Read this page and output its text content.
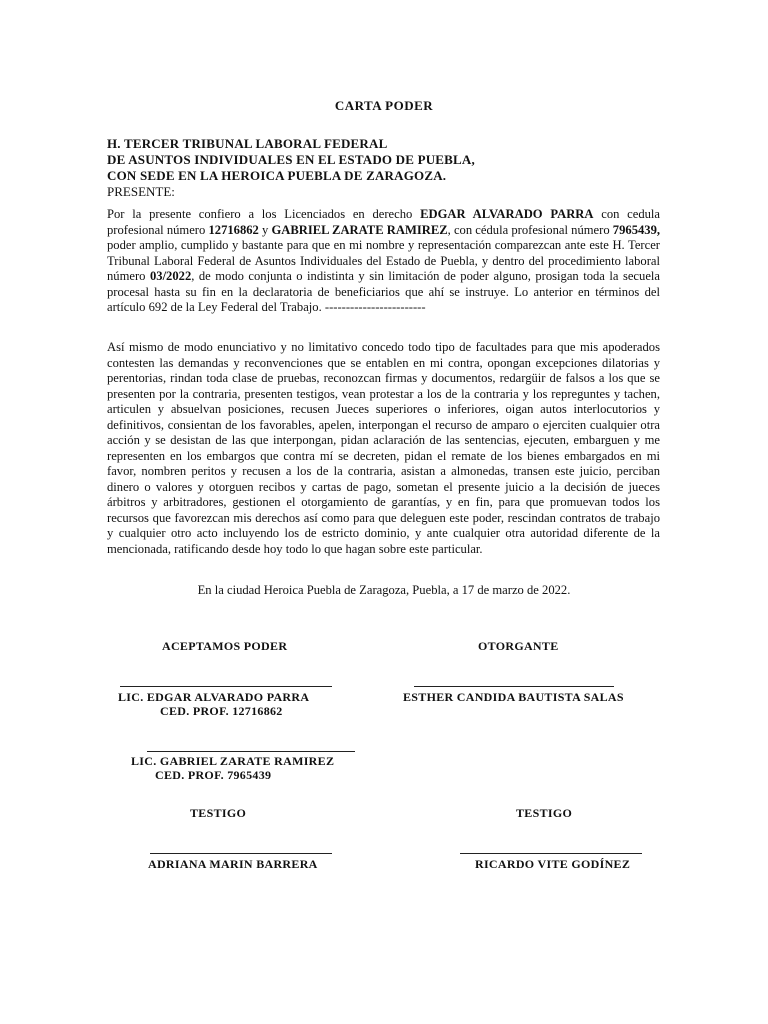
CARTA PODER
H. TERCER TRIBUNAL LABORAL FEDERAL
DE ASUNTOS INDIVIDUALES EN EL ESTADO DE PUEBLA,
CON SEDE EN LA HEROICA PUEBLA DE ZARAGOZA.
PRESENTE:
Por la presente confiero a los Licenciados en derecho EDGAR ALVARADO PARRA con cedula profesional número 12716862 y GABRIEL ZARATE RAMIREZ, con cédula profesional número 7965439, poder amplio, cumplido y bastante para que en mi nombre y representación comparezcan ante este H. Tercer Tribunal Laboral Federal de Asuntos Individuales del Estado de Puebla, y dentro del procedimiento laboral número 03/2022, de modo conjunta o indistinta y sin limitación de poder alguno, prosigan toda la secuela procesal hasta su fin en la declaratoria de beneficiarios que ahí se instruye. Lo anterior en términos del artículo 692 de la Ley Federal del Trabajo. ------------------------
Así mismo de modo enunciativo y no limitativo concedo todo tipo de facultades para que mis apoderados contesten las demandas y reconvenciones que se entablen en mi contra, opongan excepciones dilatorias y perentorias, rindan toda clase de pruebas, reconozcan firmas y documentos, redargüir de falsos a los que se presenten por la contraria, presenten testigos, vean protestar a los de la contraria y los repreguntes y tachen, articulen y absuelvan posiciones, recusen Jueces superiores o inferiores, oigan autos interlocutorios y definitivos, consientan de los favorables, apelen, interpongan el recurso de amparo o ejerciten cualquier otra acción y se desistan de las que interpongan, pidan aclaración de las sentencias, ejecuten, embarguen y me representen en los embargos que contra mí se decreten, pidan el remate de los bienes embargados en mi favor, nombren peritos y recusen a los de la contraria, asistan a almonedas, transen este juicio, perciban dinero o valores y otorguen recibos y cartas de pago, sometan el presente juicio a la decisión de jueces árbitros y arbitradores, gestionen el otorgamiento de garantías, y en fin, para que promuevan todos los recursos que favorezcan mis derechos así como para que deleguen este poder, rescindan contratos de trabajo y cualquier otro acto incluyendo los de estricto dominio, y ante cualquier otra autoridad diferente de la mencionada, ratificando desde hoy todo lo que hagan sobre este particular.
En la ciudad Heroica Puebla de Zaragoza, Puebla, a 17 de marzo de 2022.
ACEPTAMOS PODER	OTORGANTE
LIC. EDGAR ALVARADO PARRA
CED. PROF. 12716862
ESTHER CANDIDA BAUTISTA SALAS
LIC. GABRIEL ZARATE RAMIREZ
CED. PROF. 7965439
TESTIGO	TESTIGO
ADRIANA MARIN BARRERA	RICARDO VITE GODÍNEZ
